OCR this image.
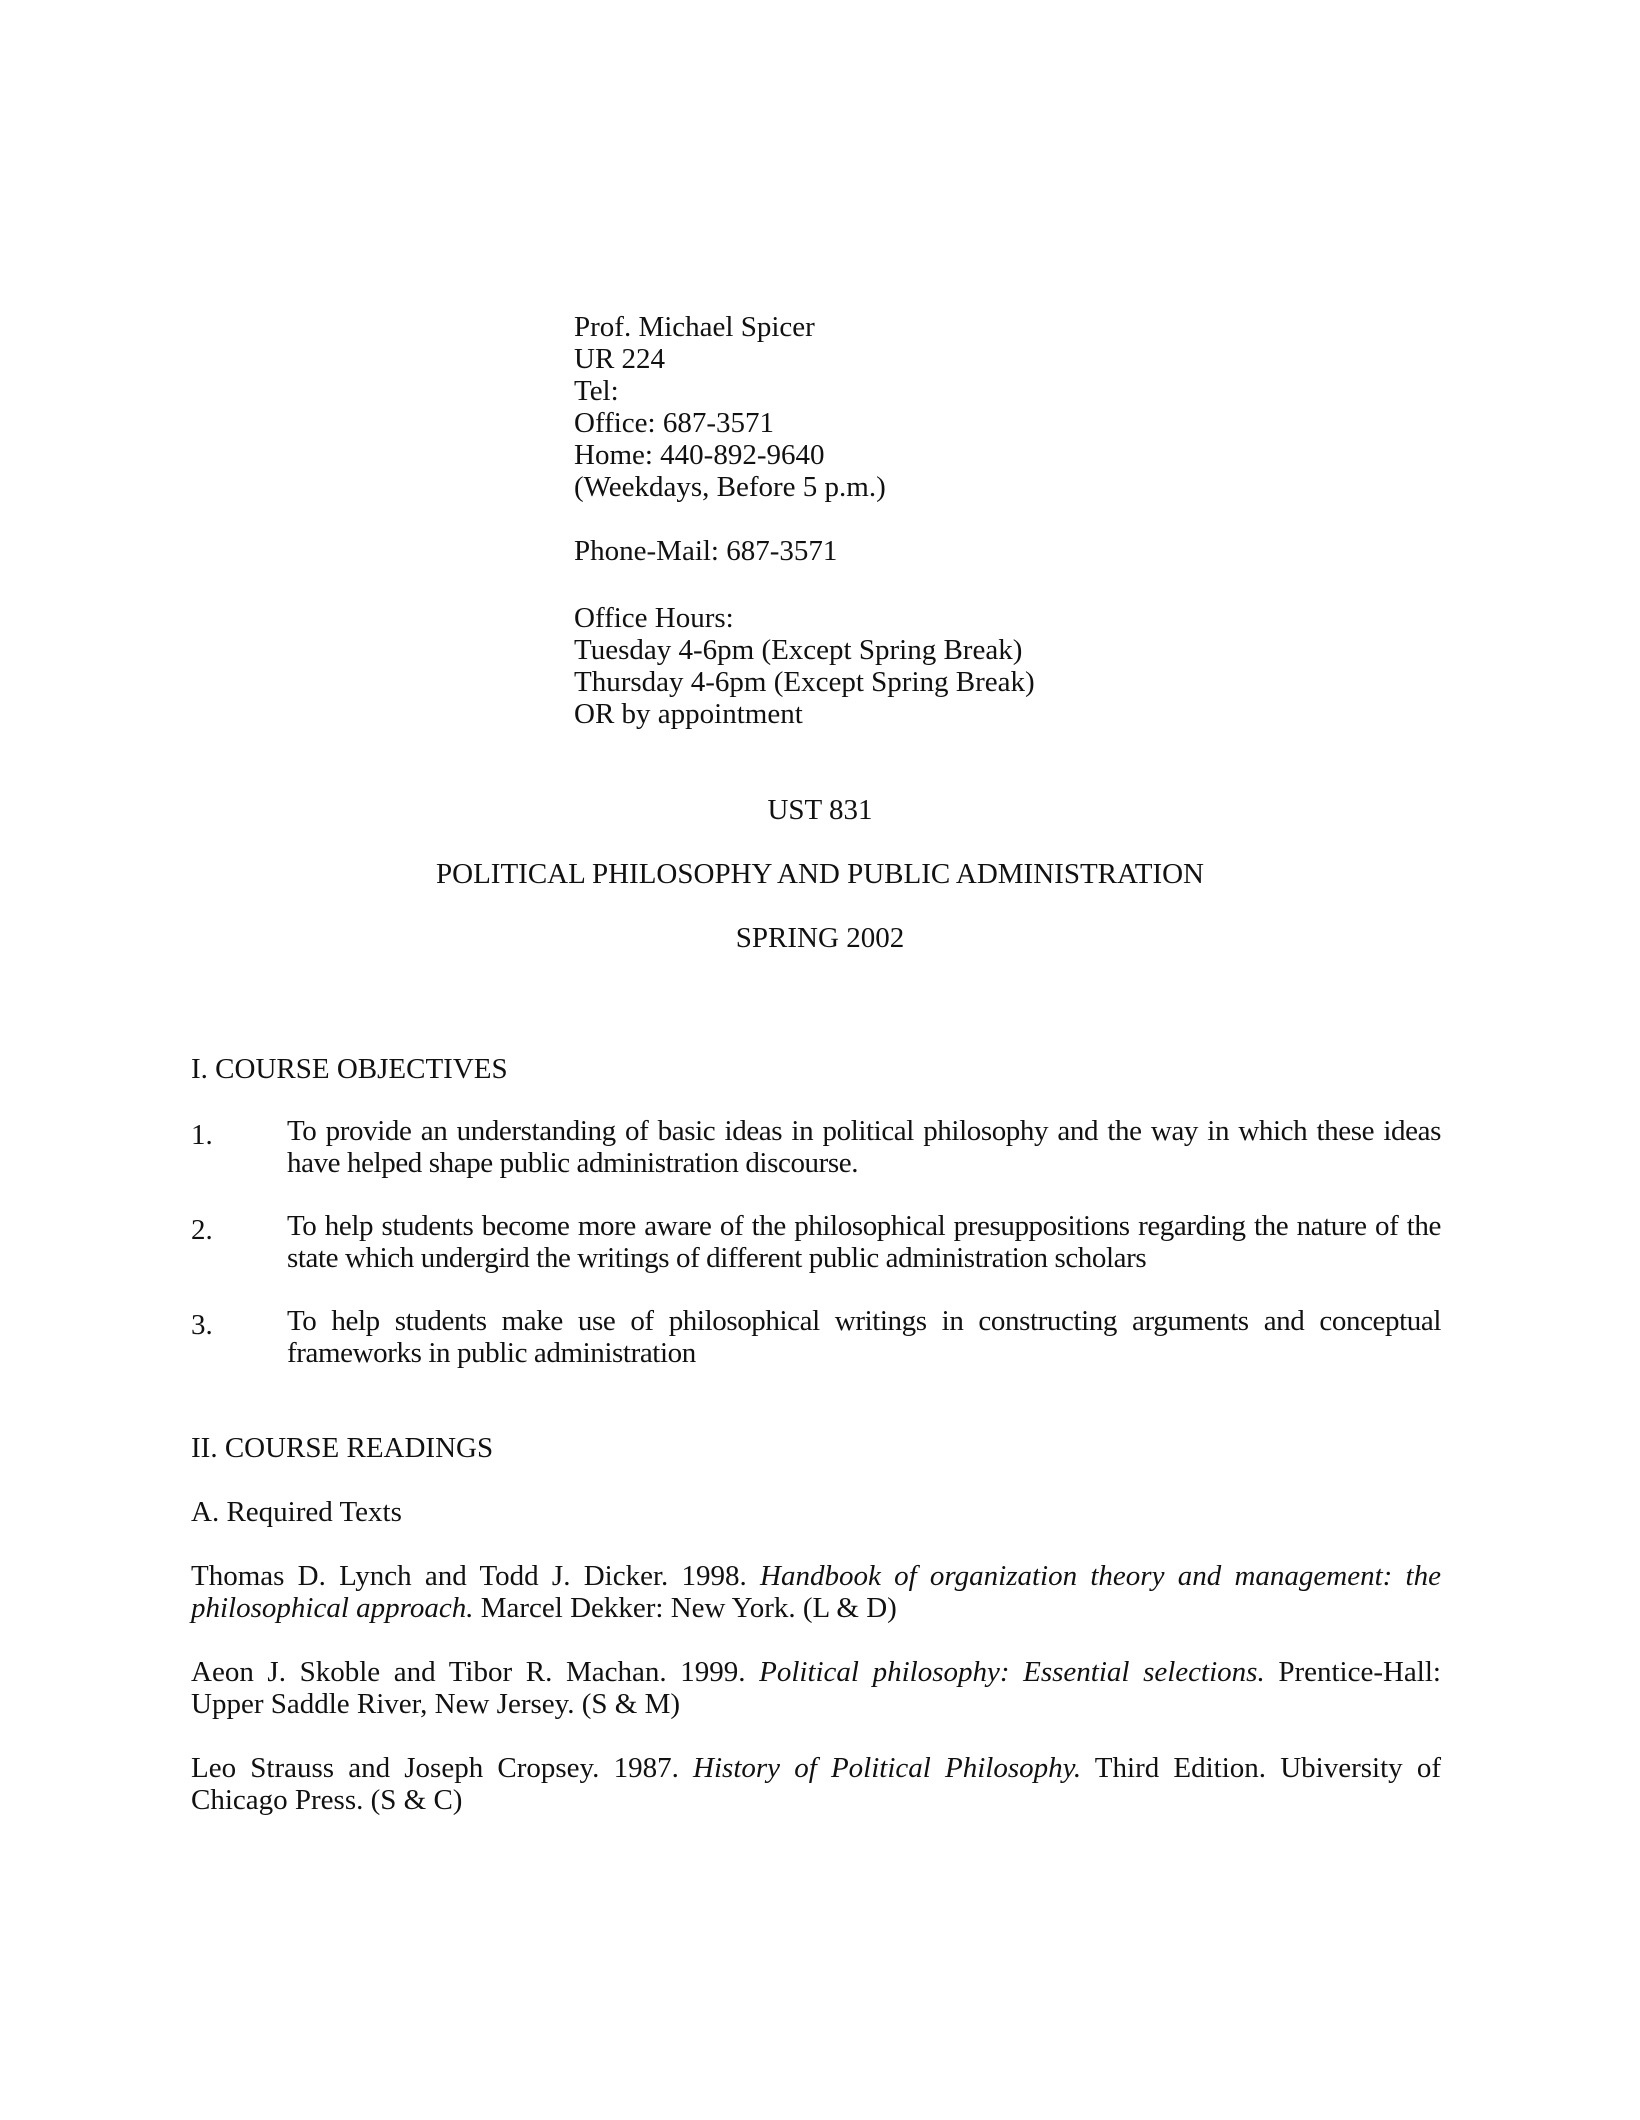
Prof. Michael Spicer
UR 224
Tel:
Office: 687-3571
Home: 440-892-9640
(Weekdays, Before 5 p.m.)
Phone-Mail: 687-3571
Office Hours:
Tuesday 4-6pm (Except Spring Break)
Thursday 4-6pm (Except Spring Break)
OR by appointment
UST 831
POLITICAL PHILOSOPHY AND PUBLIC ADMINISTRATION
SPRING 2002
I. COURSE OBJECTIVES
1.	To provide an understanding of basic ideas in political philosophy and the way in which these ideas have helped shape public administration discourse.
2.	To help students become more aware of the philosophical presuppositions regarding the nature of the state which undergird the writings of different public administration scholars
3.	To help students make use of philosophical writings in constructing arguments and conceptual frameworks in public administration
II. COURSE READINGS
A. Required Texts
Thomas D. Lynch and Todd J. Dicker. 1998. Handbook of organization theory and management: the philosophical approach. Marcel Dekker: New York. (L & D)
Aeon J. Skoble and Tibor R. Machan. 1999. Political philosophy: Essential selections. Prentice-Hall: Upper Saddle River, New Jersey. (S & M)
Leo Strauss and Joseph Cropsey. 1987. History of Political Philosophy. Third Edition. Ubiversity of Chicago Press. (S & C)
